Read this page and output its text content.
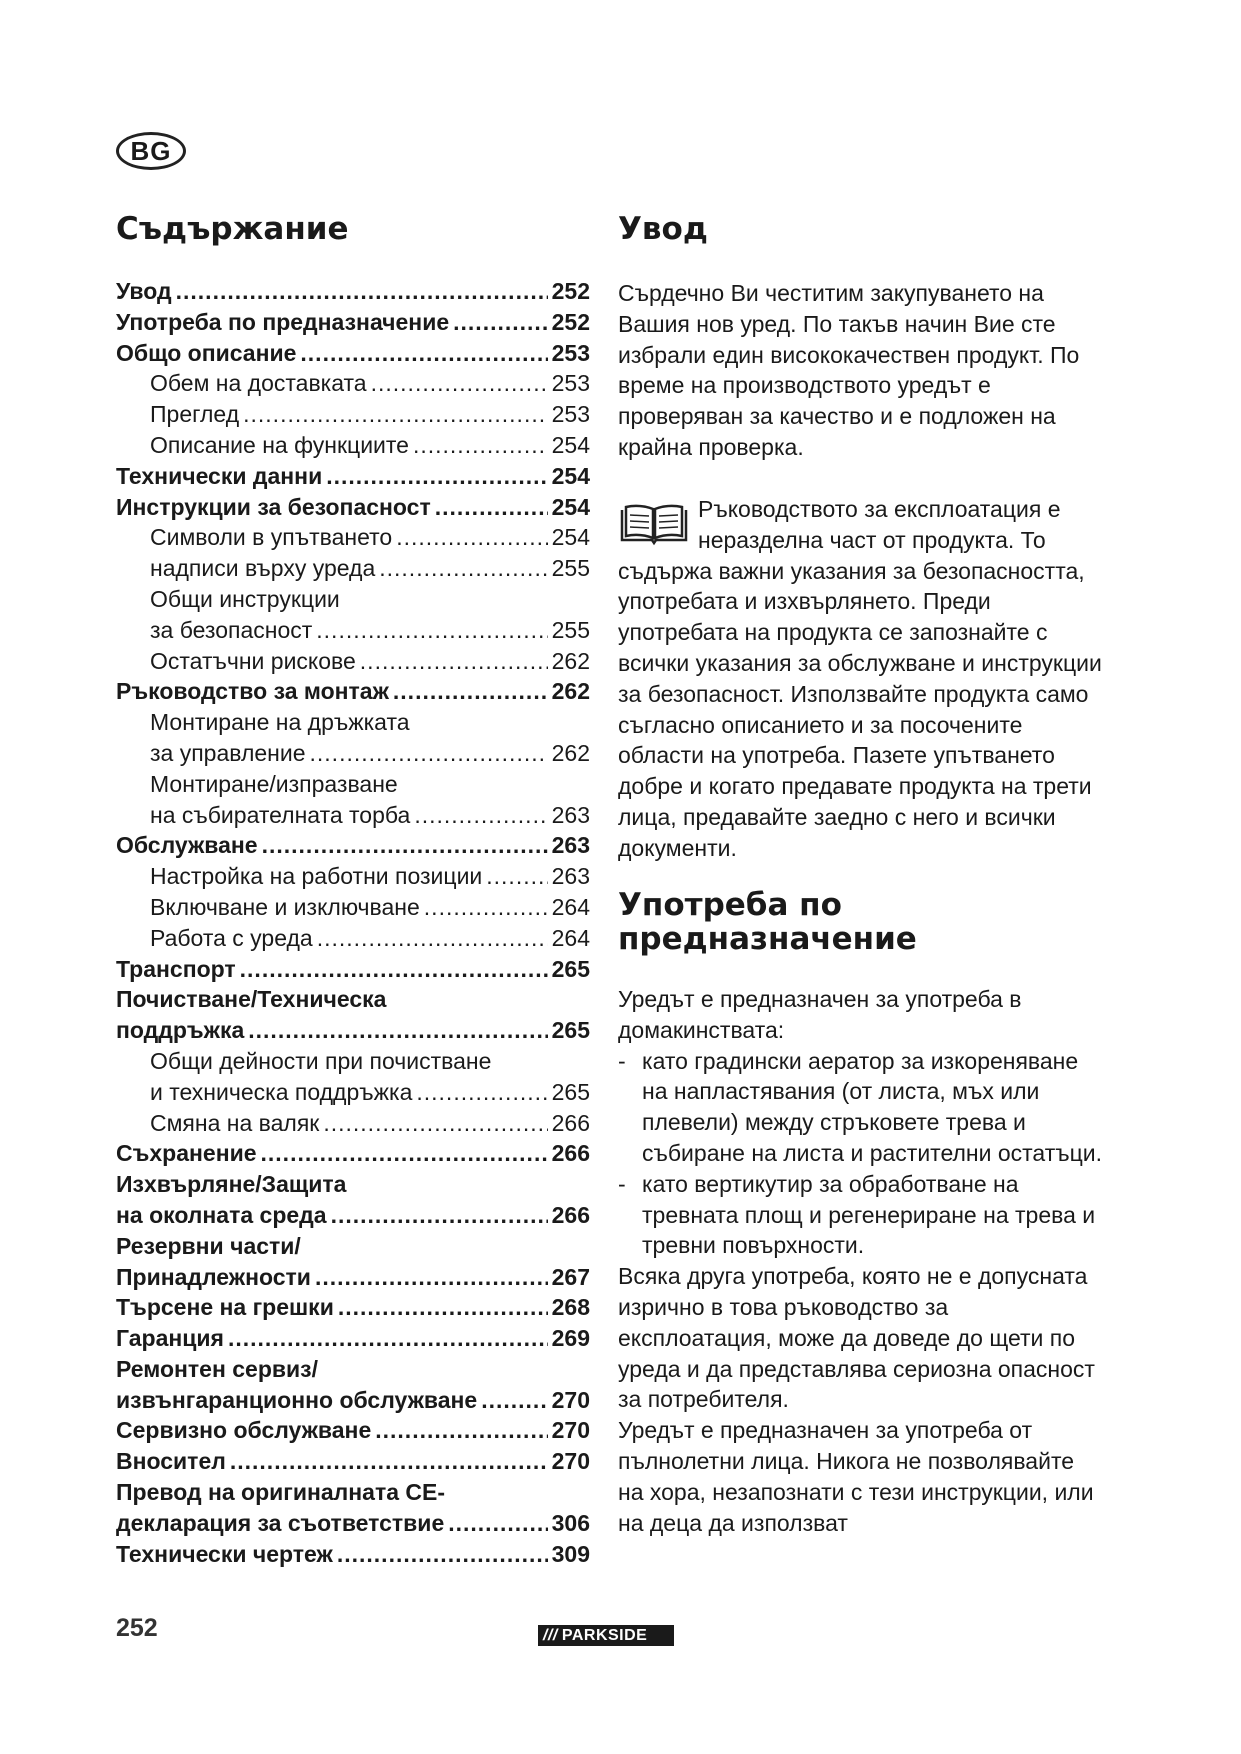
BG
Съдържание
Увод .....	252
Употреба по предназначение .....	252
Общо описание .....	253
Обем на доставката .....	253
Преглед .....	253
Описание на функциите .....	254
Технически данни .....	254
Инструкции за безопасност .....	254
Символи в упътването .....	254
надписи върху уреда .....	255
Общи инструкции
за безопасност .....	255
Остатъчни рискове .....	262
Ръководство за монтаж .....	262
Монтиране на дръжката
за управление .....	262
Монтиране/изпразване
на събирателната торба .....	263
Обслужване .....	263
Настройка на работни позиции .....	263
Включване и изключване .....	264
Работа с уреда .....	264
Транспорт .....	265
Почистване/Техническа
поддръжка .....	265
Общи дейности при почистване
и техническа поддръжка .....	265
Смяна на валяк .....	266
Съхранение .....	266
Изхвърляне/Защита
на околната среда .....	266
Резервни части/
Принадлежности .....	267
Търсене на грешки .....	268
Гаранция .....	269
Ремонтен сервиз/
извънгаранционно обслужване .....	270
Сервизно обслужване .....	270
Вносител .....	270
Превод на оригиналната CE-
декларация за съответствие .....	306
Технически чертеж .....	309
Увод

Сърдечно Ви честитим закупуването на Вашия нов уред. По такъв начин Вие сте избрали един висококачествен продукт. По време на производството уредът е проверяван за качество и е подложен на крайна проверка.

Ръководството за експлоатация е неразделна част от продукта. То съдържа важни указания за безопасността, употребата и изхвърлянето. Преди употребата на продукта се запознайте с всички указания за обслужване и инструкции за безопасност. Използвайте продукта само съгласно описанието и за посочените области на употреба. Пазете упътването добре и когато предавате продукта на трети лица, предавайте заедно с него и всички документи.

Употреба по предназначение

Уредът е предназначен за употреба в домакинствата:

- като градински аератор за изкореняване на напластявания (от листа, мъх или плевели) между стръковете трева и събиране на листа и растителни остатъци.
- като вертикутир за обработване на тревната площ и регенериране на трева и тревни повърхности.

Всяка друга употреба, която не е допусната изрично в това ръководство за експлоатация, може да доведе до щети по уреда и да представлява сериозна опасност за потребителя.

Уредът е предназначен за употреба от пълнолетни лица. Никога не позволявайте на хора, незапознати с тези инструкции, или на деца да използват

252	/// PARKSIDE
